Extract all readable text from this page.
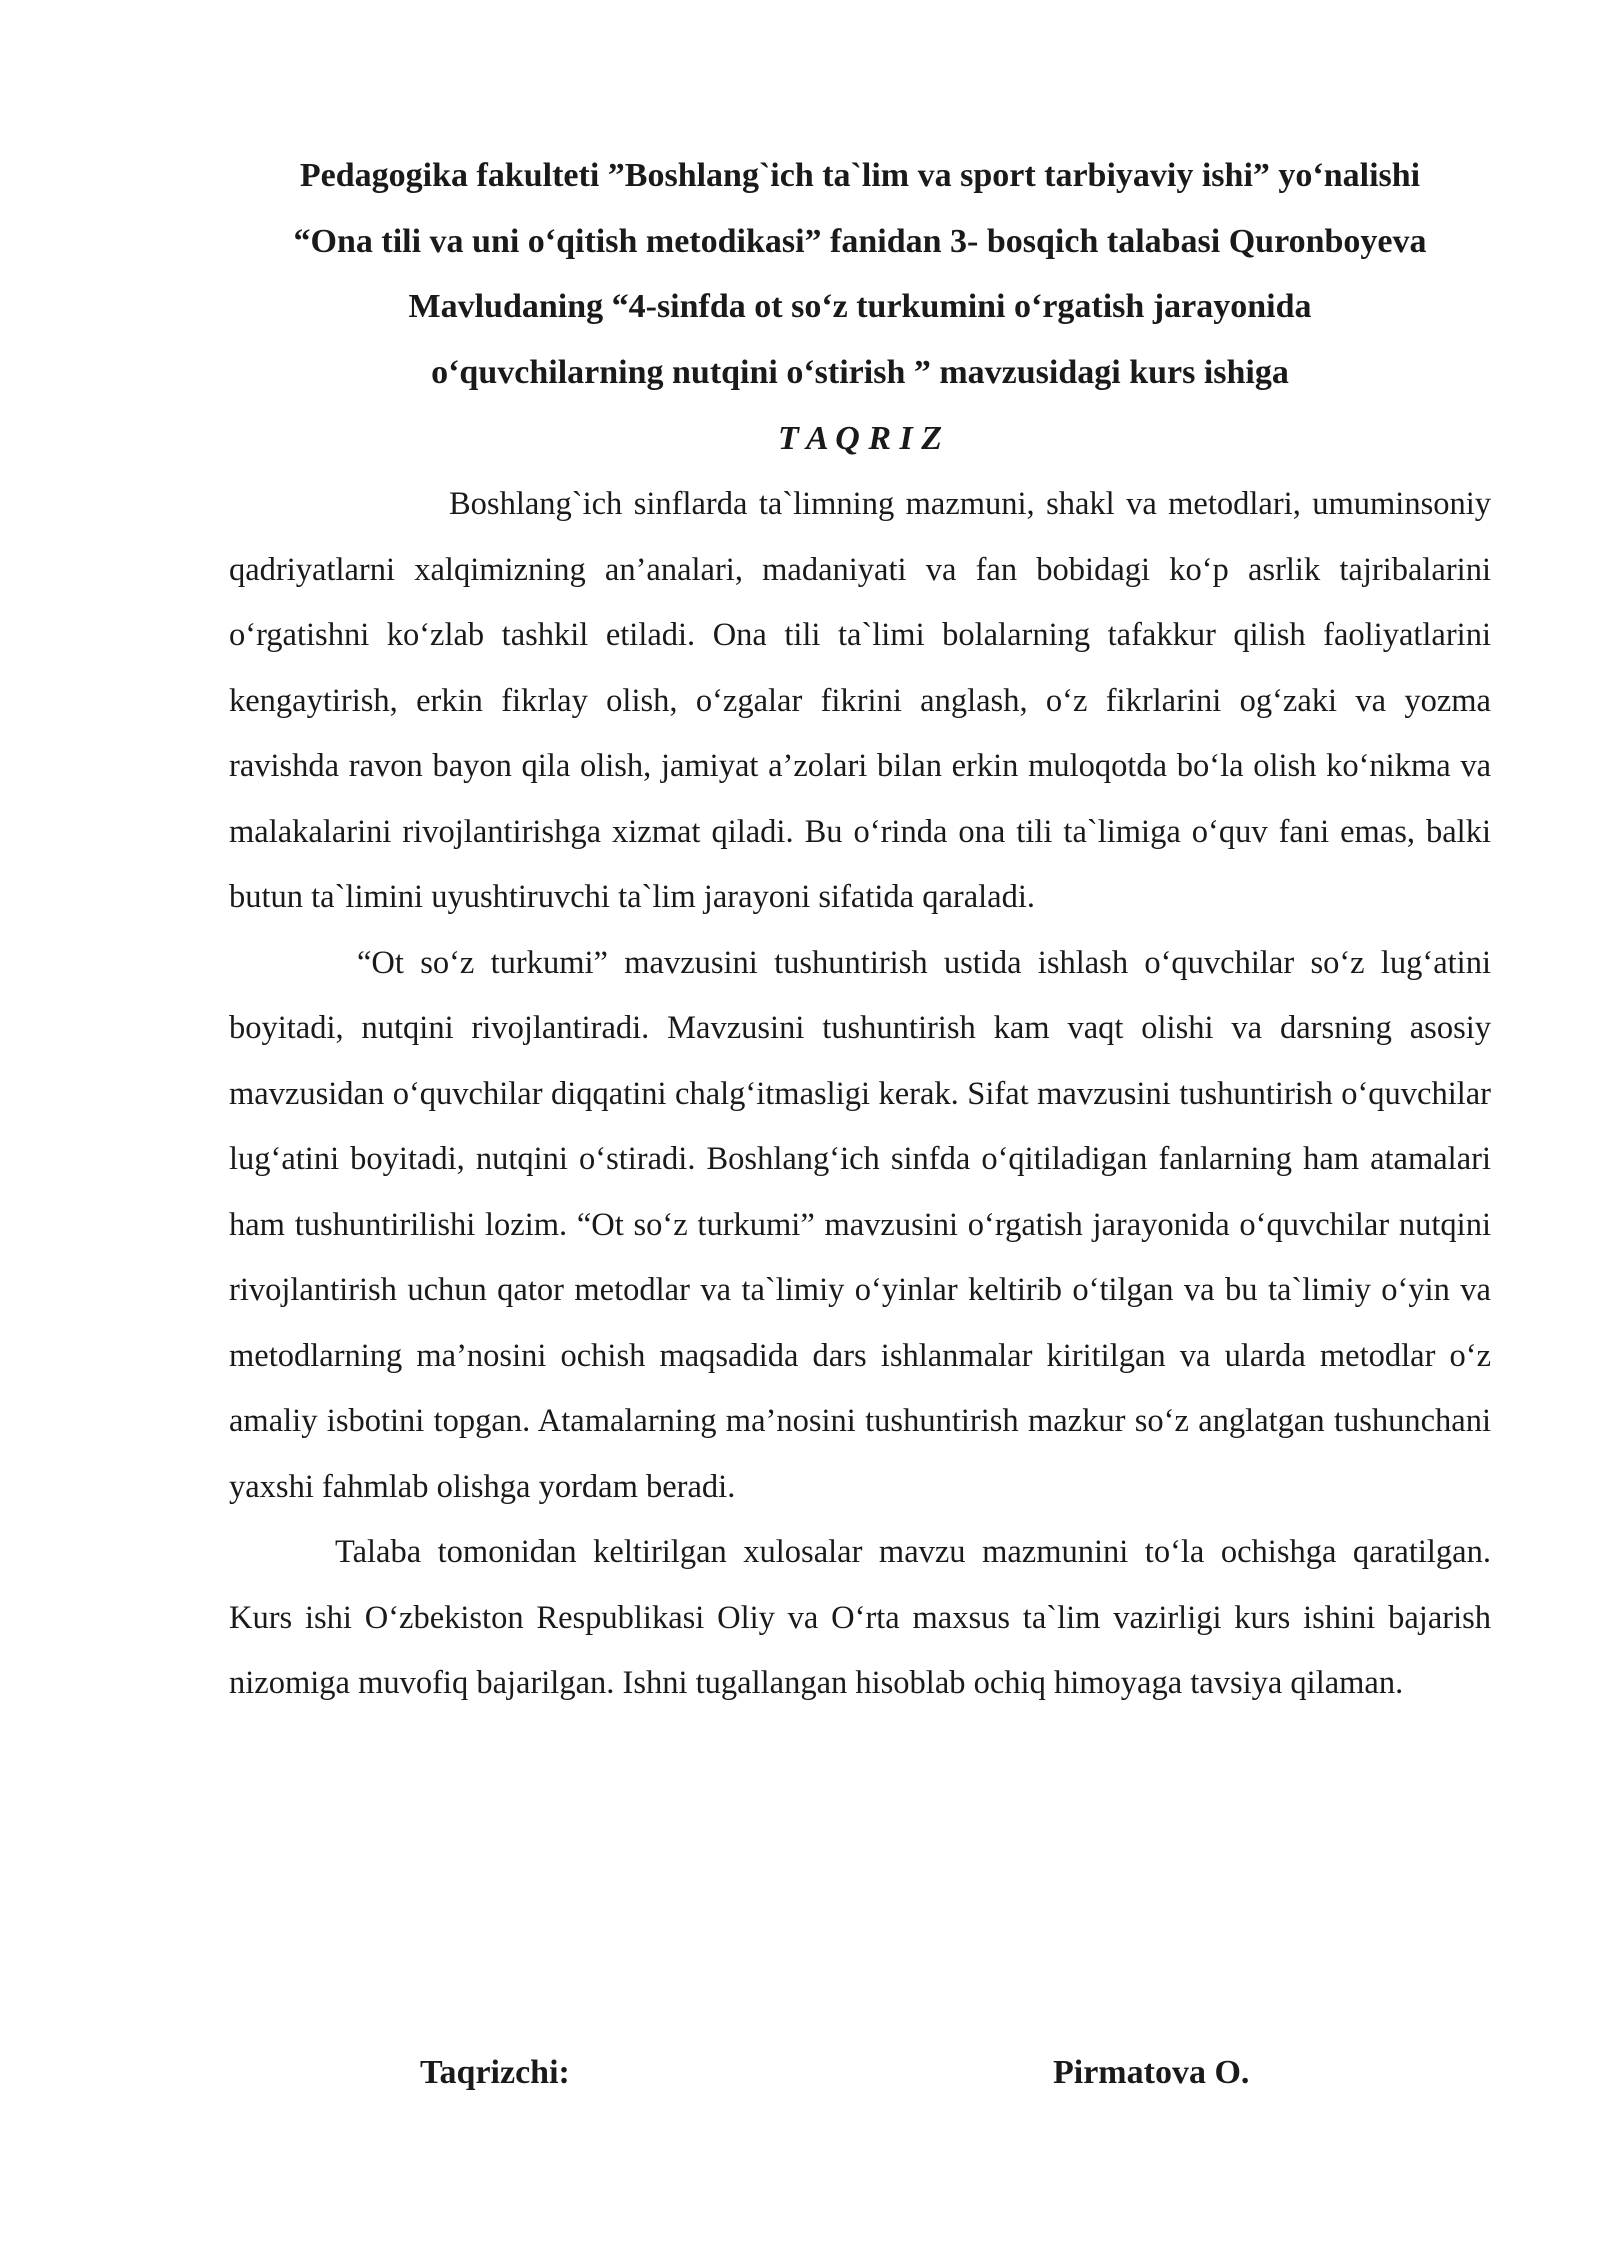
Pedagogika fakulteti ”Boshlang`ich ta`lim va sport tarbiyaviy ishi” yo‘nalishi
“Ona tili va uni o‘qitish metodikasi” fanidan 3- bosqich talabasi Quronboyeva
Mavludaning “4-sinfda ot so‘z turkumini o‘rgatish jarayonida
o‘quvchilarning nutqini o‘stirish ” mavzusidagi kurs ishiga
T A Q R I Z

Boshlang`ich sinflarda ta`limning mazmuni, shakl va metodlari, umuminsoniy qadriyatlarni xalqimizning an’analari, madaniyati va fan bobidagi ko‘p asrlik tajribalarini o‘rgatishni ko‘zlab tashkil etiladi. Ona tili ta`limi bolalarning tafakkur qilish faoliyatlarini kengaytirish, erkin fikrlay olish, o‘zgalar fikrini anglash, o‘z fikrlarini og‘zaki va yozma ravishda ravon bayon qila olish, jamiyat a’zolari bilan erkin muloqotda bo‘la olish ko‘nikma va malakalarini rivojlantirishga xizmat qiladi. Bu o‘rinda ona tili ta`limiga o‘quv fani emas, balki butun ta`limini uyushtiruvchi ta`lim jarayoni sifatida qaraladi.

“Ot so‘z turkumi” mavzusini tushuntirish ustida ishlash o‘quvchilar so‘z lug‘atini boyitadi, nutqini rivojlantiradi. Mavzusini tushuntirish kam vaqt olishi va darsning asosiy mavzusidan o‘quvchilar diqqatini chalg‘itmasligi kerak. Sifat mavzusini tushuntirish o‘quvchilar lug‘atini boyitadi, nutqini o‘stiradi. Boshlang‘ich sinfda o‘qitiladigan fanlarning ham atamalari ham tushuntirilishi lozim. “Ot so‘z turkumi” mavzusini o‘rgatish jarayonida o‘quvchilar nutqini rivojlantirish uchun qator metodlar va ta`limiy o‘yinlar keltirib o‘tilgan va bu ta`limiy o‘yin va metodlarning ma’nosini ochish maqsadida dars ishlanmalar kiritilgan va ularda metodlar o‘z amaliy isbotini topgan. Atamalarning ma’nosini tushuntirish mazkur so‘z anglatgan tushunchani yaxshi fahmlab olishga yordam beradi.

Talaba tomonidan keltirilgan xulosalar mavzu mazmunini to‘la ochishga qaratilgan. Kurs ishi O‘zbekiston Respublikasi Oliy va O‘rta maxsus ta`lim vazirligi kurs ishini bajarish nizomiga muvofiq bajarilgan. Ishni tugallangan hisoblab ochiq himoyaga tavsiya qilaman.

Taqrizchi:	Pirmatova O.
